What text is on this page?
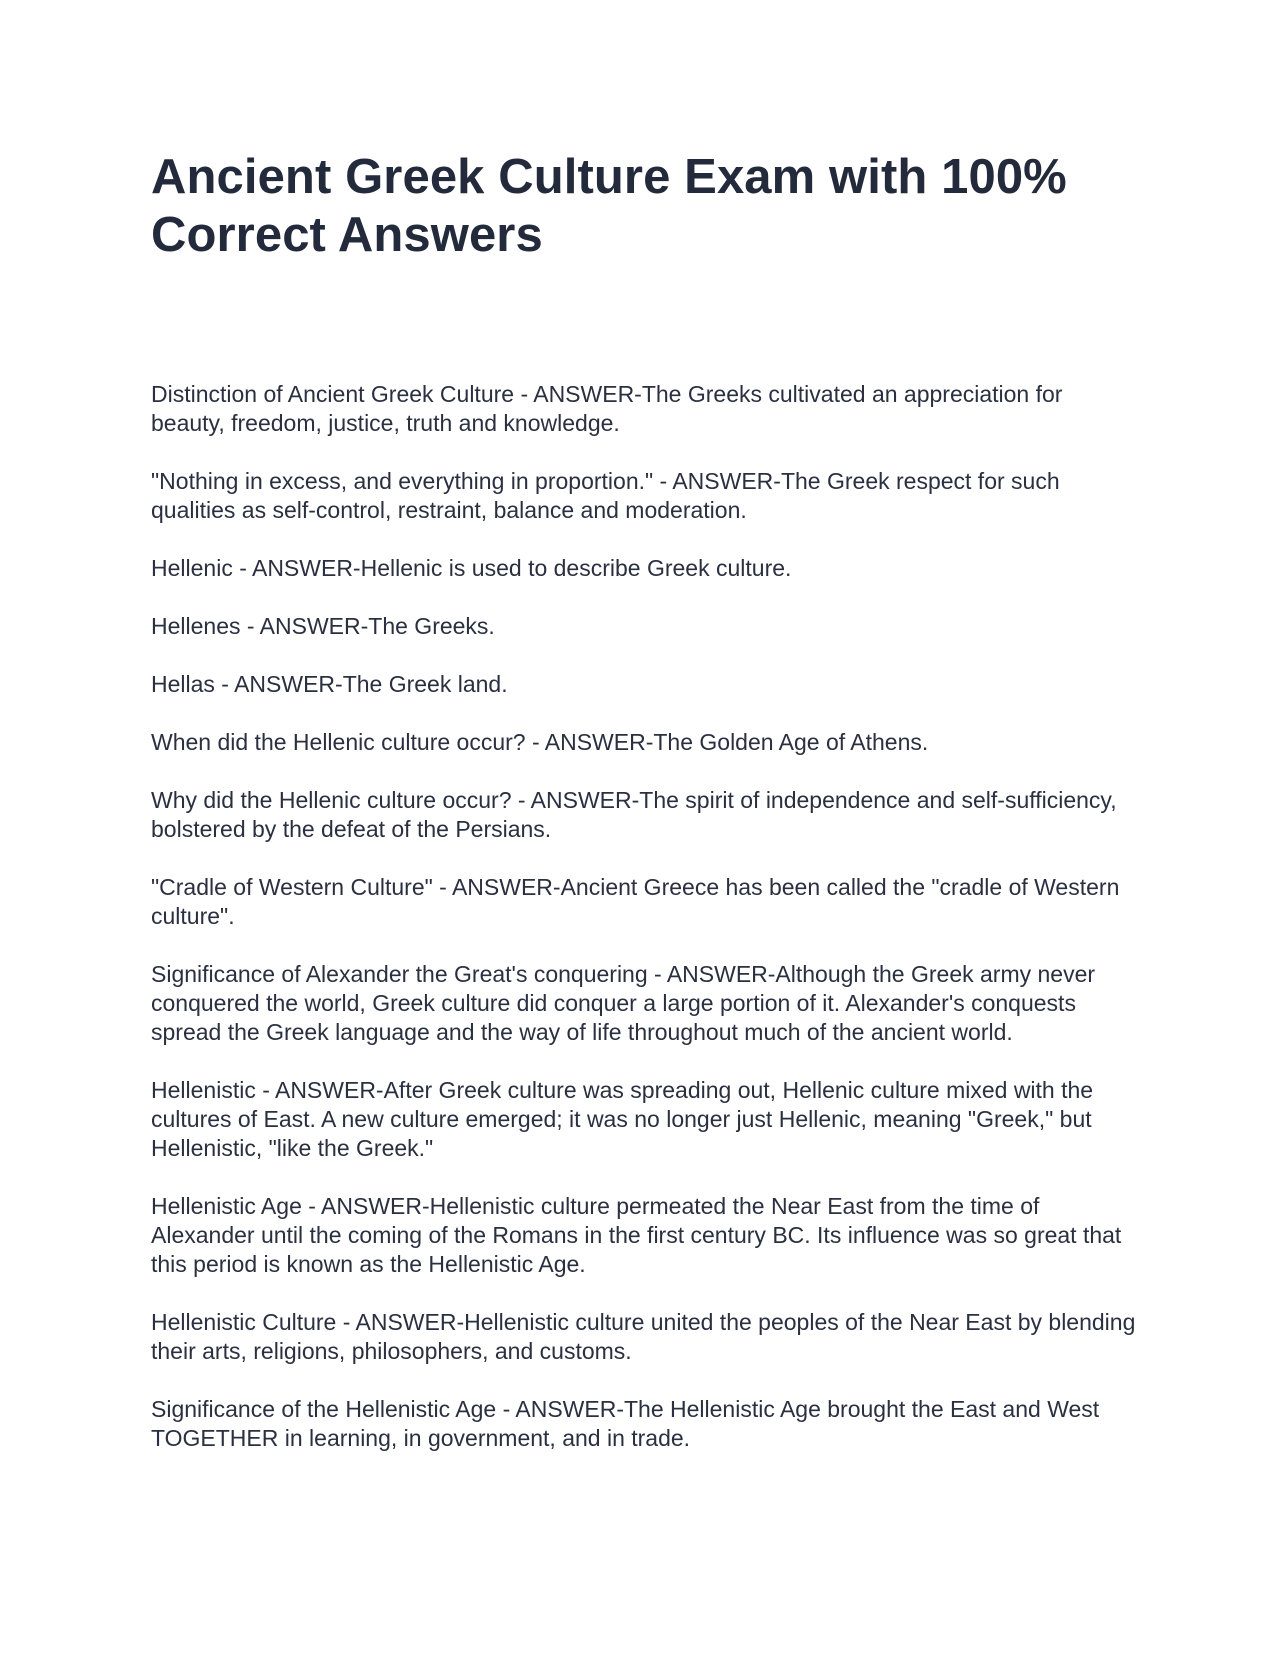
Ancient Greek Culture Exam with 100% Correct Answers

Distinction of Ancient Greek Culture - ANSWER-The Greeks cultivated an appreciation for beauty, freedom, justice, truth and knowledge.

"Nothing in excess, and everything in proportion." - ANSWER-The Greek respect for such qualities as self-control, restraint, balance and moderation.

Hellenic - ANSWER-Hellenic is used to describe Greek culture.

Hellenes - ANSWER-The Greeks.

Hellas - ANSWER-The Greek land.

When did the Hellenic culture occur? - ANSWER-The Golden Age of Athens.

Why did the Hellenic culture occur? - ANSWER-The spirit of independence and self-sufficiency, bolstered by the defeat of the Persians.

"Cradle of Western Culture" - ANSWER-Ancient Greece has been called the "cradle of Western culture".

Significance of Alexander the Great's conquering - ANSWER-Although the Greek army never conquered the world, Greek culture did conquer a large portion of it. Alexander's conquests spread the Greek language and the way of life throughout much of the ancient world.

Hellenistic - ANSWER-After Greek culture was spreading out, Hellenic culture mixed with the cultures of East. A new culture emerged; it was no longer just Hellenic, meaning "Greek," but Hellenistic, "like the Greek."

Hellenistic Age - ANSWER-Hellenistic culture permeated the Near East from the time of Alexander until the coming of the Romans in the first century BC. Its influence was so great that this period is known as the Hellenistic Age.

Hellenistic Culture - ANSWER-Hellenistic culture united the peoples of the Near East by blending their arts, religions, philosophers, and customs.

Significance of the Hellenistic Age - ANSWER-The Hellenistic Age brought the East and West TOGETHER in learning, in government, and in trade.
